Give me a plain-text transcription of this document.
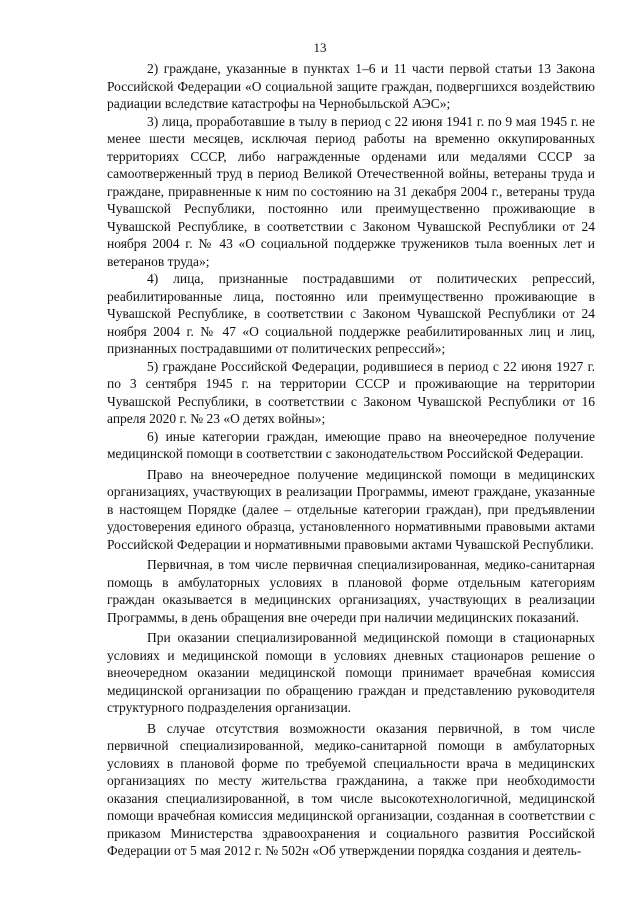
13

2) граждане, указанные в пунктах 1–6 и 11 части первой статьи 13 Закона Российской Федерации «О социальной защите граждан, подвергшихся воздействию радиации вследствие катастрофы на Чернобыльской АЭС»;

3) лица, проработавшие в тылу в период с 22 июня 1941 г. по 9 мая 1945 г. не менее шести месяцев, исключая период работы на временно оккупированных территориях СССР, либо награжденные орденами или медалями СССР за самоотверженный труд в период Великой Отечественной войны, ветераны труда и граждане, приравненные к ним по состоянию на 31 декабря 2004 г., ветераны труда Чувашской Республики, постоянно или преимущественно проживающие в Чувашской Республике, в соответствии с Законом Чувашской Республики от 24 ноября 2004 г. № 43 «О социальной поддержке тружеников тыла военных лет и ветеранов труда»;

4) лица, признанные пострадавшими от политических репрессий, реабилитированные лица, постоянно или преимущественно проживающие в Чувашской Республике, в соответствии с Законом Чувашской Республики от 24 ноября 2004 г. № 47 «О социальной поддержке реабилитированных лиц и лиц, признанных пострадавшими от политических репрессий»;

5) граждане Российской Федерации, родившиеся в период с 22 июня 1927 г. по 3 сентября 1945 г. на территории СССР и проживающие на территории Чувашской Республики, в соответствии с Законом Чувашской Республики от 16 апреля 2020 г. № 23 «О детях войны»;

6) иные категории граждан, имеющие право на внеочередное получение медицинской помощи в соответствии с законодательством Российской Федерации.

Право на внеочередное получение медицинской помощи в медицинских организациях, участвующих в реализации Программы, имеют граждане, указанные в настоящем Порядке (далее – отдельные категории граждан), при предъявлении удостоверения единого образца, установленного нормативными правовыми актами Российской Федерации и нормативными правовыми актами Чувашской Республики.

Первичная, в том числе первичная специализированная, медико-санитарная помощь в амбулаторных условиях в плановой форме отдельным категориям граждан оказывается в медицинских организациях, участвующих в реализации Программы, в день обращения вне очереди при наличии медицинских показаний.

При оказании специализированной медицинской помощи в стационарных условиях и медицинской помощи в условиях дневных стационаров решение о внеочередном оказании медицинской помощи принимает врачебная комиссия медицинской организации по обращению граждан и представлению руководителя структурного подразделения организации.

В случае отсутствия возможности оказания первичной, в том числе первичной специализированной, медико-санитарной помощи в амбулаторных условиях в плановой форме по требуемой специальности врача в медицинских организациях по месту жительства гражданина, а также при необходимости оказания специализированной, в том числе высокотехнологичной, медицинской помощи врачебная комиссия медицинской организации, созданная в соответствии с приказом Министерства здравоохранения и социального развития Российской Федерации от 5 мая 2012 г. № 502н «Об утверждении порядка создания и деятель-
